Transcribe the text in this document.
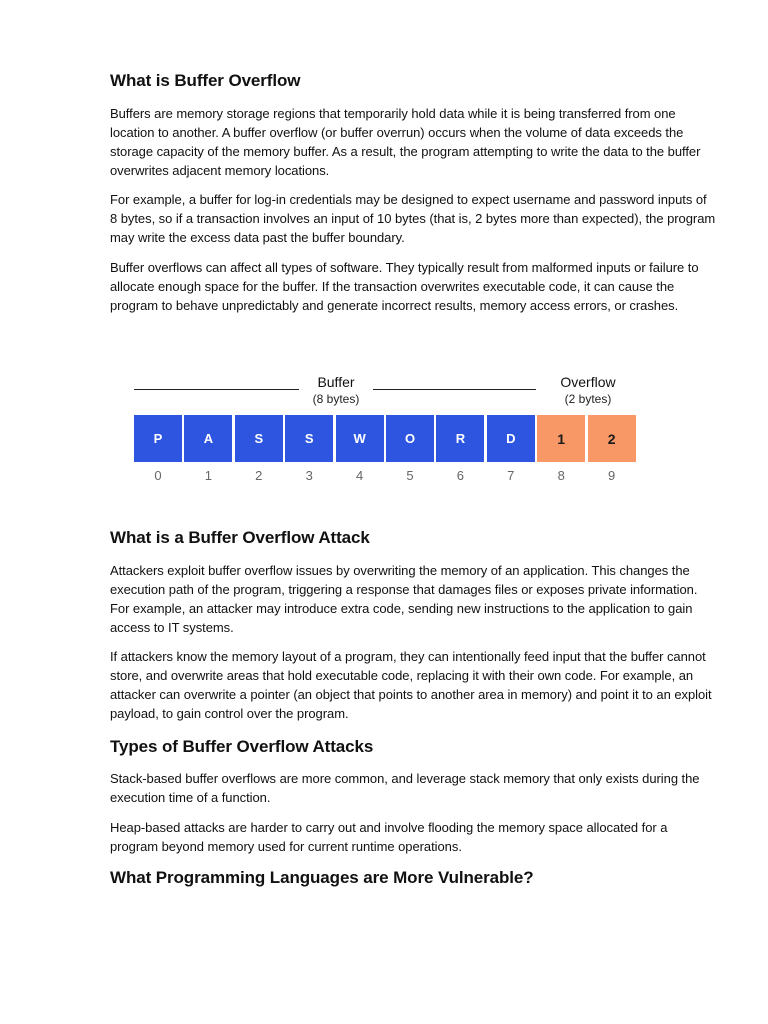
What is Buffer Overflow

Buffers are memory storage regions that temporarily hold data while it is being transferred from one location to another. A buffer overflow (or buffer overrun) occurs when the volume of data exceeds the storage capacity of the memory buffer. As a result, the program attempting to write the data to the buffer overwrites adjacent memory locations.

For example, a buffer for log-in credentials may be designed to expect username and password inputs of 8 bytes, so if a transaction involves an input of 10 bytes (that is, 2 bytes more than expected), the program may write the excess data past the buffer boundary.

Buffer overflows can affect all types of software. They typically result from malformed inputs or failure to allocate enough space for the buffer. If the transaction overwrites executable code, it can cause the program to behave unpredictably and generate incorrect results, memory access errors, or crashes.

Buffer
(8 bytes)
Overflow
(2 bytes)
P
0
A
1
S
2
S
3
W
4
O
5
R
6
D
7
1
8
2
9
What is a Buffer Overflow Attack

Attackers exploit buffer overflow issues by overwriting the memory of an application. This changes the execution path of the program, triggering a response that damages files or exposes private information. For example, an attacker may introduce extra code, sending new instructions to the application to gain access to IT systems.

If attackers know the memory layout of a program, they can intentionally feed input that the buffer cannot store, and overwrite areas that hold executable code, replacing it with their own code. For example, an attacker can overwrite a pointer (an object that points to another area in memory) and point it to an exploit payload, to gain control over the program.

Types of Buffer Overflow Attacks

Stack-based buffer overflows are more common, and leverage stack memory that only exists during the execution time of a function.

Heap-based attacks are harder to carry out and involve flooding the memory space allocated for a program beyond memory used for current runtime operations.

What Programming Languages are More Vulnerable?
